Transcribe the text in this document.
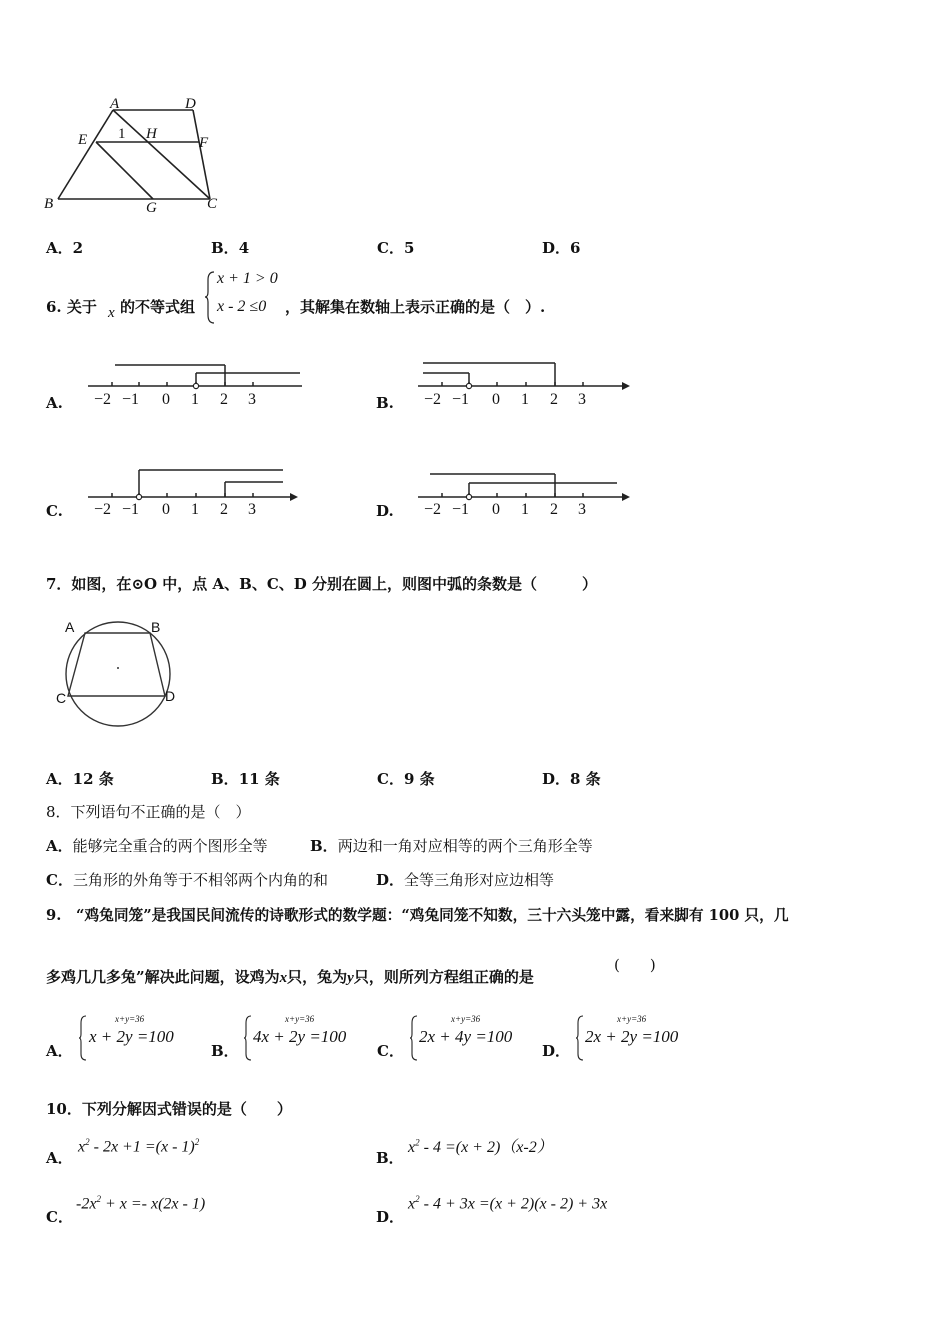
A	D
E 1 H
F
B	G	C
A．2	B．4	C．5	D．6
6. 关于 x 的不等式组
x + 1 > 0
x - 2 ≤0 ，其解集在数轴上表示正确的是（　）.
A. −2 −1 0 1 2 3	B. −2 −1 0 1 2 3
C. −2 −1 0 1 2 3	D. −2 −1 0 1 2 3
7．如图，在⊙O 中，点 A、B、C、D 分别在圆上，则图中弧的条数是（　　　）
A	B
C	D
A．12 条	B．11 条	C．9 条	D．8 条
8．下列语句不正确的是（　）
A．能够完全重合的两个图形全等	B．两边和一角对应相等的两个三角形全等
C．三角形的外角等于不相邻两个内角的和	D．全等三角形对应边相等
9.　“鸡兔同笼”是我国民间流传的诗歌形式的数学题：“鸡兔同笼不知数，三十六头笼中露，看来脚有 100 只，几
多鸡几几多兔”解决此问题，设鸡为x只，兔为y只，则所列方程组正确的是
(　　)
A．
x+y=36
x + 2y =100
B．
x+y=36
4x + 2y =100
C．
x+y=36
2x + 4y =100
D．
x+y=36
2x + 2y =100
10．下列分解因式错误的是（　　）
A．
$x^2 - 2x +1 =(x - 1)^2$
B．
$x^2 - 4 =(x + 2)(x-2)$
C．
$-2x^2 + x =- x(2x - 1)$
D．
$x^2 - 4 + 3x =(x + 2)(x - 2) + 3x$
